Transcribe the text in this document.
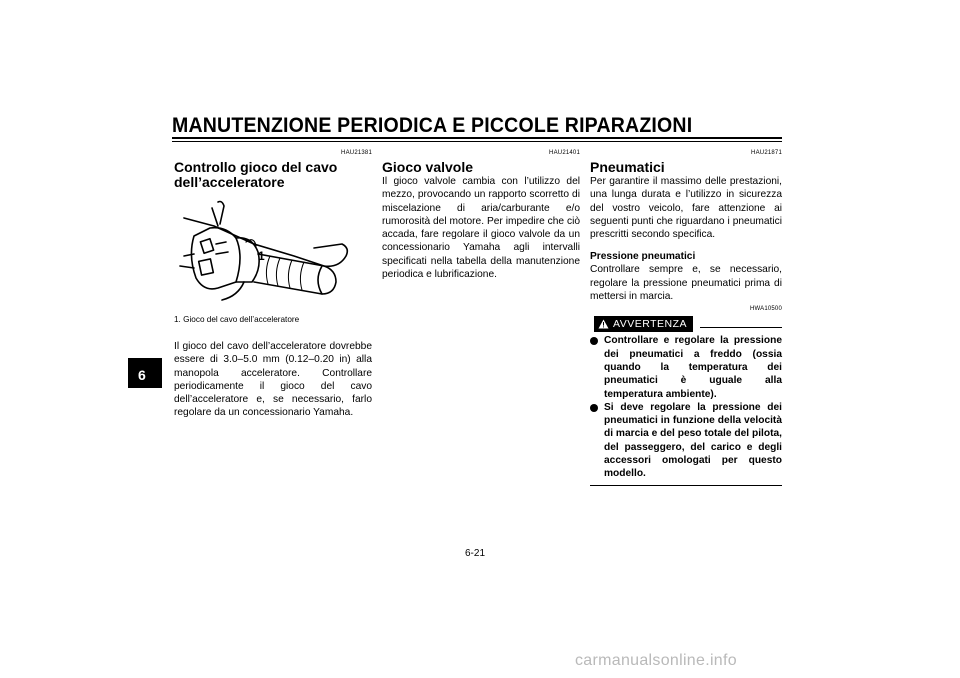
MANUTENZIONE PERIODICA E PICCOLE RIPARAZIONI
6
HAU21381
Controllo gioco del cavo dell’acceleratore
1
1. Gioco del cavo dell’acceleratore
Il gioco del cavo dell’acceleratore dovrebbe essere di 3.0–5.0 mm (0.12–0.20 in) alla manopola acceleratore. Controllare periodicamente il gioco del cavo dell’acceleratore e, se necessario, farlo regolare da un concessionario Yamaha.
HAU21401
Gioco valvole
Il gioco valvole cambia con l’utilizzo del mezzo, provocando un rapporto scorretto di miscelazione di aria/carburante e/o rumorosità del motore. Per impedire che ciò accada, fare regolare il gioco valvole da un concessionario Yamaha agli intervalli specificati nella tabella della manutenzione periodica e lubrificazione.
HAU21871
Pneumatici
Per garantire il massimo delle prestazioni, una lunga durata e l’utilizzo in sicurezza del vostro veicolo, fare attenzione ai seguenti punti che riguardano i pneumatici prescritti secondo specifica.
Pressione pneumatici
Controllare sempre e, se necessario, regolare la pressione pneumatici prima di mettersi in marcia.
HWA10500
AVVERTENZA
Controllare e regolare la pressione dei pneumatici a freddo (ossia quando la temperatura dei pneumatici è uguale alla temperatura ambiente).
Si deve regolare la pressione dei pneumatici in funzione della velocità di marcia e del peso totale del pilota, del passeggero, del carico e degli accessori omologati per questo modello.
6-21
carmanualsonline.info
